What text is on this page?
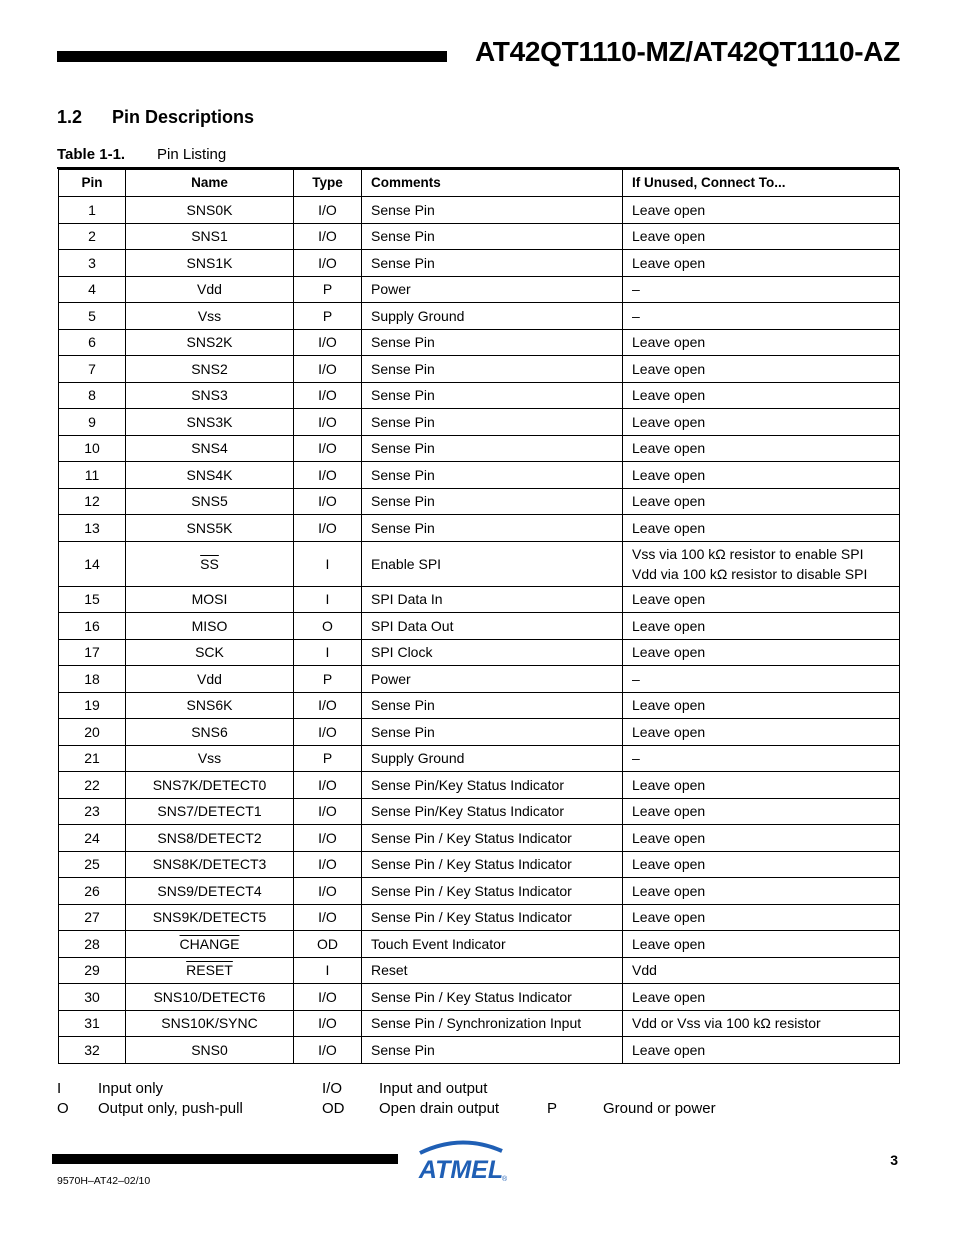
AT42QT1110-MZ/AT42QT1110-AZ
1.2 Pin Descriptions
Table 1-1. Pin Listing
Pin	Name	Type	Comments	If Unused, Connect To...
1	SNS0K	I/O	Sense Pin	Leave open
2	SNS1	I/O	Sense Pin	Leave open
3	SNS1K	I/O	Sense Pin	Leave open
4	Vdd	P	Power	–
5	Vss	P	Supply Ground	–
6	SNS2K	I/O	Sense Pin	Leave open
7	SNS2	I/O	Sense Pin	Leave open
8	SNS3	I/O	Sense Pin	Leave open
9	SNS3K	I/O	Sense Pin	Leave open
10	SNS4	I/O	Sense Pin	Leave open
11	SNS4K	I/O	Sense Pin	Leave open
12	SNS5	I/O	Sense Pin	Leave open
13	SNS5K	I/O	Sense Pin	Leave open
14	$\overline{SS}$	I	Enable SPI	Vss via 100 kΩ resistor to enable SPI
Vdd via 100 kΩ resistor to disable SPI
15	MOSI	I	SPI Data In	Leave open
16	MISO	O	SPI Data Out	Leave open
17	SCK	I	SPI Clock	Leave open
18	Vdd	P	Power	–
19	SNS6K	I/O	Sense Pin	Leave open
20	SNS6	I/O	Sense Pin	Leave open
21	Vss	P	Supply Ground	–
22	SNS7K/DETECT0	I/O	Sense Pin/Key Status Indicator	Leave open
23	SNS7/DETECT1	I/O	Sense Pin/Key Status Indicator	Leave open
24	SNS8/DETECT2	I/O	Sense Pin / Key Status Indicator	Leave open
25	SNS8K/DETECT3	I/O	Sense Pin / Key Status Indicator	Leave open
26	SNS9/DETECT4	I/O	Sense Pin / Key Status Indicator	Leave open
27	SNS9K/DETECT5	I/O	Sense Pin / Key Status Indicator	Leave open
28	CHANGE	OD	Touch Event Indicator	Leave open
29	RESET	I	Reset	Vdd
30	SNS10/DETECT6	I/O	Sense Pin / Key Status Indicator	Leave open
31	SNS10K/SYNC	I/O	Sense Pin / Synchronization Input	Vdd or Vss via 100 kΩ resistor
32	SNS0	I/O	Sense Pin	Leave open
I Input only	I/O Input and output
O Output only, push-pull	OD Open drain output	P	Ground or power
ATMEL
®
3
9570H–AT42–02/10
